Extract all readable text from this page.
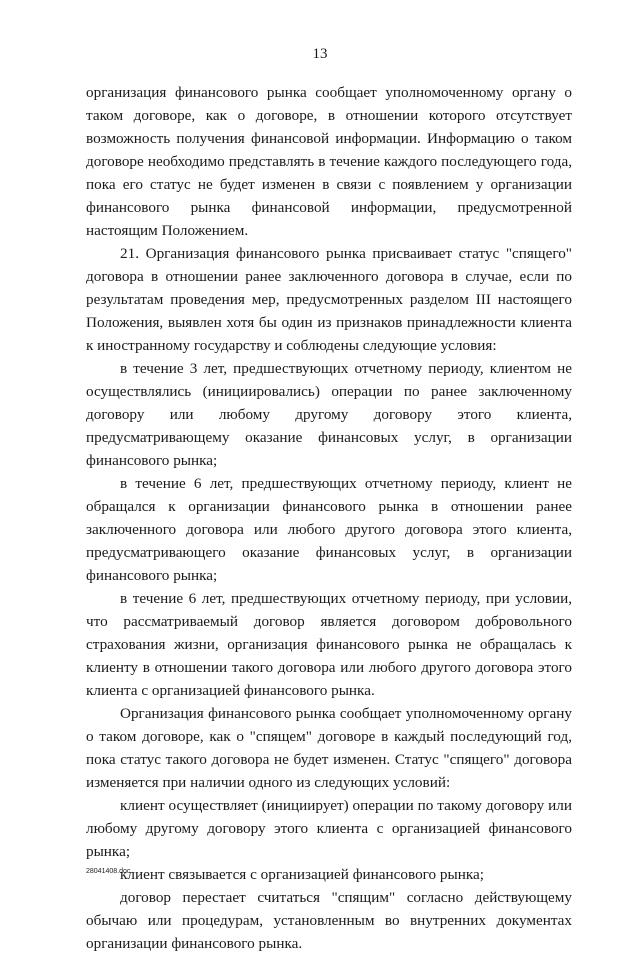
13

организация финансового рынка сообщает уполномоченному органу о таком договоре, как о договоре, в отношении которого отсутствует возможность получения финансовой информации. Информацию о таком договоре необходимо представлять в течение каждого последующего года, пока его статус не будет изменен в связи с появлением у организации финансового рынка финансовой информации, предусмотренной настоящим Положением.

21. Организация финансового рынка присваивает статус "спящего" договора в отношении ранее заключенного договора в случае, если по результатам проведения мер, предусмотренных разделом III настоящего Положения, выявлен хотя бы один из признаков принадлежности клиента к иностранному государству и соблюдены следующие условия:

в течение 3 лет, предшествующих отчетному периоду, клиентом не осуществлялись (инициировались) операции по ранее заключенному договору или любому другому договору этого клиента, предусматривающему оказание финансовых услуг, в организации финансового рынка;

в течение 6 лет, предшествующих отчетному периоду, клиент не обращался к организации финансового рынка в отношении ранее заключенного договора или любого другого договора этого клиента, предусматривающего оказание финансовых услуг, в организации финансового рынка;

в течение 6 лет, предшествующих отчетному периоду, при условии, что рассматриваемый договор является договором добровольного страхования жизни, организация финансового рынка не обращалась к клиенту в отношении такого договора или любого другого договора этого клиента с организацией финансового рынка.

Организация финансового рынка сообщает уполномоченному органу о таком договоре, как о "спящем" договоре в каждый последующий год, пока статус такого договора не будет изменен. Статус "спящего" договора изменяется при наличии одного из следующих условий:

клиент осуществляет (инициирует) операции по такому договору или любому другому договору этого клиента с организацией финансового рынка;

клиент связывается с организацией финансового рынка;

договор перестает считаться "спящим" согласно действующему обычаю или процедурам, установленным во внутренних документах организации финансового рынка.

28041408.doc
